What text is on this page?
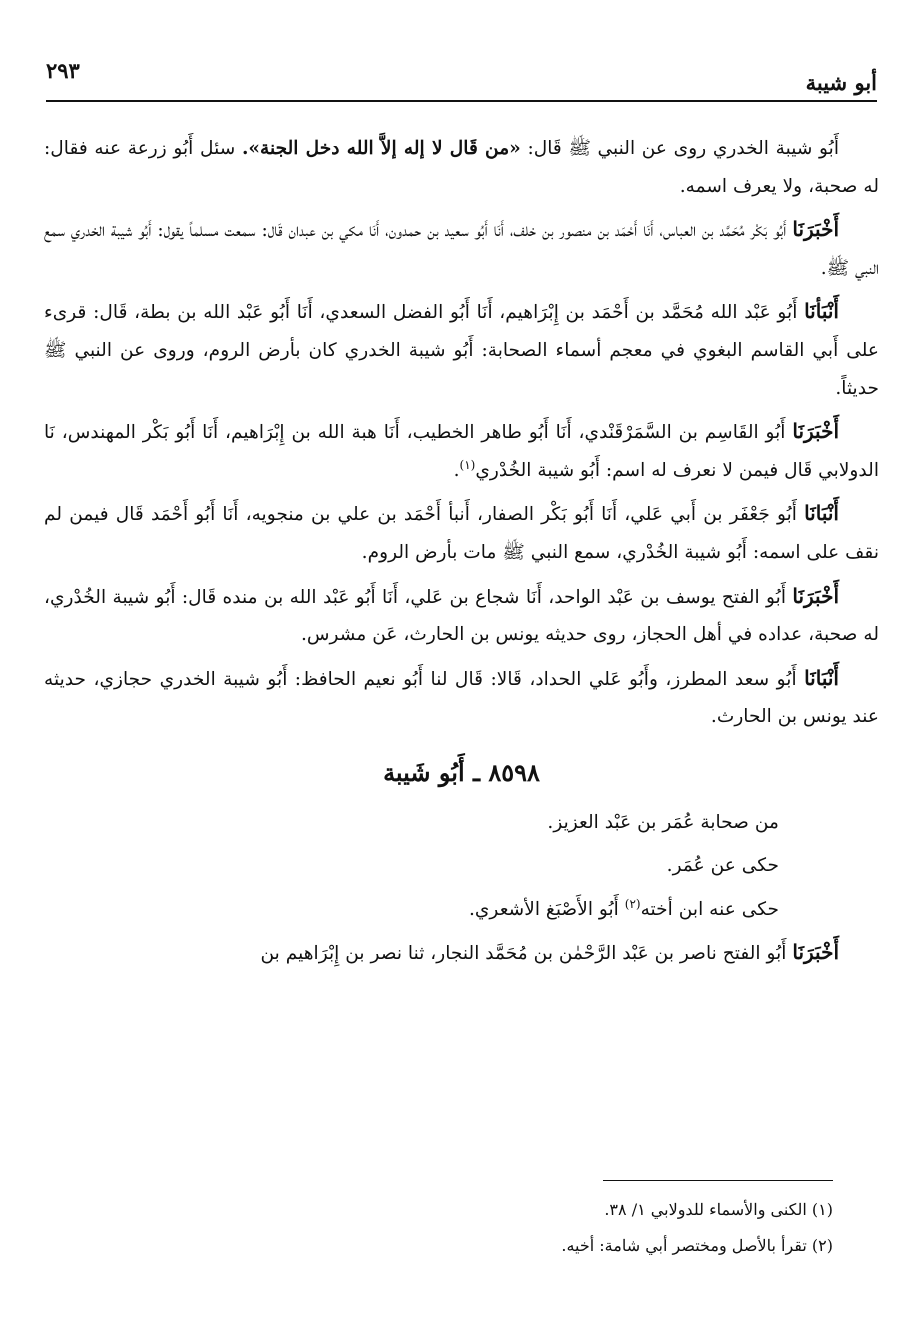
أبو شيبة
٢٩٣

أَبُو شيبة الخدري روى عن النبي ﷺ قَال: «من قَال لا إله إلاَّ الله دخل الجنة». سئل أَبُو زرعة عنه فقال: له صحبة، ولا يعرف اسمه.

أَخْبَرَنَا أَبُو بَكْر مُحَمَّد بن العباس، أَنَا أَحْمَد بن منصور بن خلف، أَنَا أَبُو سعيد بن حمدون، أَنَا مكي بن عبدان قَال: سمعت مسلماً يقول: أَبُو شيبة الخدري سمع النبي ﷺ.

أَنْبَأنَا أَبُو عَبْد الله مُحَمَّد بن أَحْمَد بن إِبْرَاهيم، أَنَا أَبُو الفضل السعدي، أَنَا أَبُو عَبْد الله بن بطة، قَال: قرىء على أَبي القاسم البغوي في معجم أسماء الصحابة: أَبُو شيبة الخدري كان بأرض الروم، وروى عن النبي ﷺ حديثاً.

أَخْبَرَنَا أَبُو القَاسِم بن السَّمَرْقَنْدي، أَنَا أَبُو طاهر الخطيب، أَنَا هبة الله بن إِبْرَاهيم، أَنَا أَبُو بَكْر المهندس، نَا الدولابي قَال فيمن لا نعرف له اسم: أَبُو شيبة الخُدْري$^{(١)}$.

أَنْبَانَا أَبُو جَعْفَر بن أَبي عَلي، أَنَا أَبُو بَكْر الصفار، أَنبأ أَحْمَد بن علي بن منجويه، أَنَا أَبُو أَحْمَد قَال فيمن لم نقف على اسمه: أَبُو شيبة الخُدْري، سمع النبي ﷺ مات بأرض الروم.

أَخْبَرَنَا أَبُو الفتح يوسف بن عَبْد الواحد، أَنَا شجاع بن عَلي، أَنَا أَبُو عَبْد الله بن منده قَال: أَبُو شيبة الخُدْري، له صحبة، عداده في أهل الحجاز، روى حديثه يونس بن الحارث، عَن مشرس.

أَنْبَانَا أَبُو سعد المطرز، وأَبُو عَلي الحداد، قَالا: قَال لنا أَبُو نعيم الحافظ: أَبُو شيبة الخدري حجازي، حديثه عند يونس بن الحارث.

٨٥٩٨ ـ أَبُو شَيبة

من صحابة عُمَر بن عَبْد العزيز.

حكى عن عُمَر.

حكى عنه ابن أخته$^{(٢)}$ أَبُو الأَصْبَغ الأشعري.

أَخْبَرَنَا أَبُو الفتح ناصر بن عَبْد الرَّحْمٰن بن مُحَمَّد النجار، ثنا نصر بن إِبْرَاهيم بن

(١) الكنى والأسماء للدولابي ١/ ٣٨.
(٢) تقرأ بالأصل ومختصر أبي شامة: أخيه.
